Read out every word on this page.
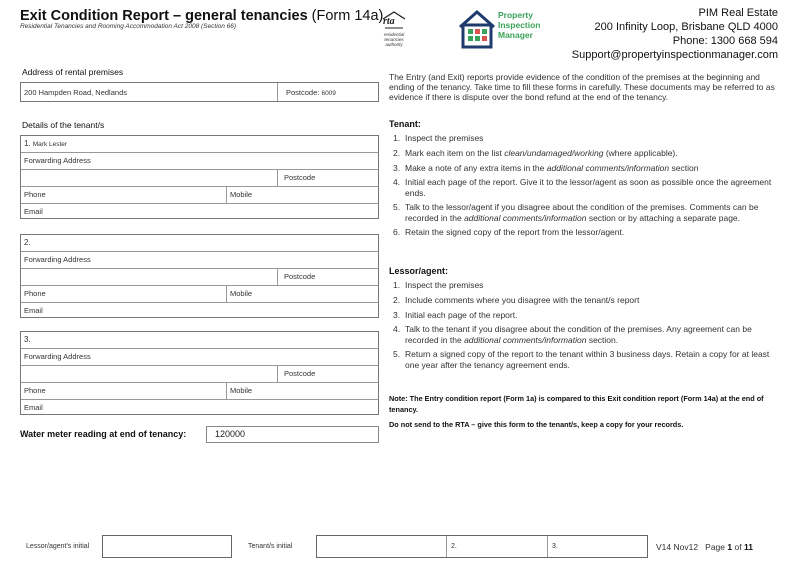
Exit Condition Report – general tenancies (Form 14a)
Residential Tenancies and Rooming Accommodation Act 2008 (Section 66)	rta
residential
tenancies
authority
Property
Inspection
Manager
PIM Real Estate
200 Infinity Loop, Brisbane QLD 4000
Phone: 1300 668 594
Support@propertyinspectionmanager.com
Address of rental premises
200 Hampden Road, Nedlands	Postcode: 6009
Details of the tenant/s
1. Mark Lester
Forwarding Address
Postcode
Phone	Mobile
Email
2.
Forwarding Address
Postcode
Phone	Mobile
Email
3.
Forwarding Address
Postcode
Phone	Mobile
Email
Water meter reading at end of tenancy:	120000
The Entry (and Exit) reports provide evidence of the condition of the premises at the beginning and ending of the tenancy. Take time to fill these forms in carefully. These documents may be referred to as evidence if there is dispute over the bond refund at the end of the tenancy.
Tenant:
1. Inspect the premises
2. Mark each item on the list clean/undamaged/working (where applicable).
3. Make a note of any extra items in the additional comments/information section
4. Initial each page of the report. Give it to the lessor/agent as soon as possible once the agreement ends.
5. Talk to the lessor/agent if you disagree about the condition of the premises. Comments can be recorded in the additional comments/information section or by attaching a separate page.
6. Retain the signed copy of the report from the lessor/agent.
Lessor/agent:
1. Inspect the premises
2. Include comments where you disagree with the tenant/s report
3. Initial each page of the report.
4. Talk to the tenant if you disagree about the condition of the premises. Any agreement can be recorded in the additional comments/information section.
5. Return a signed copy of the report to the tenant within 3 business days. Retain a copy for at least one year after the tenancy agreement ends.
Note: The Entry condition report (Form 1a) is compared to this Exit condition report (Form 14a) at the end of tenancy.
Do not send to the RTA – give this form to the tenant/s, keep a copy for your records.
Lessor/agent's initial	Tenant/s initial	2.	3.	V14 Nov12 Page 1 of 11
